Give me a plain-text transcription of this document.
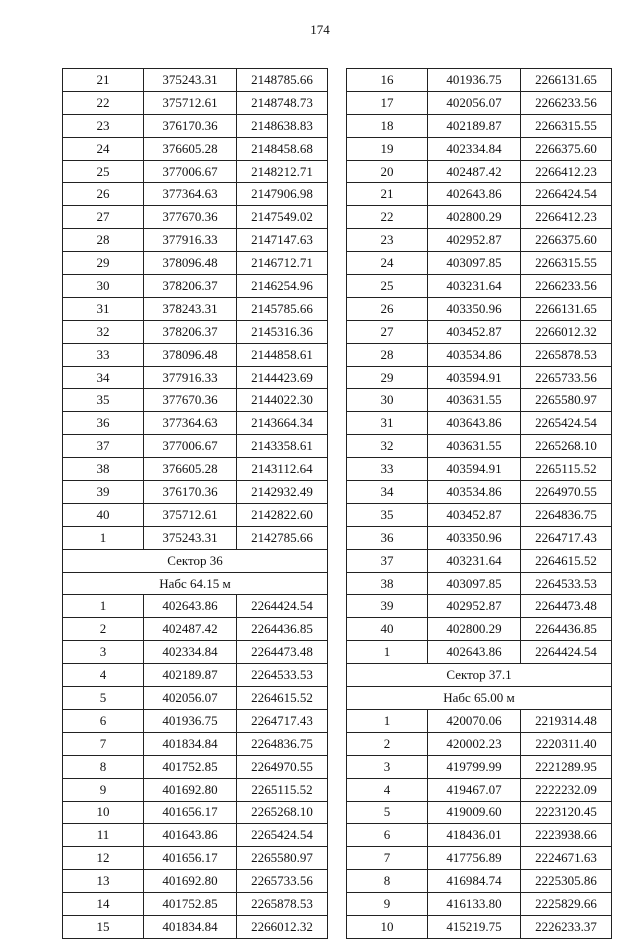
174
21	375243.31	2148785.66
22	375712.61	2148748.73
23	376170.36	2148638.83
24	376605.28	2148458.68
25	377006.67	2148212.71
26	377364.63	2147906.98
27	377670.36	2147549.02
28	377916.33	2147147.63
29	378096.48	2146712.71
30	378206.37	2146254.96
31	378243.31	2145785.66
32	378206.37	2145316.36
33	378096.48	2144858.61
34	377916.33	2144423.69
35	377670.36	2144022.30
36	377364.63	2143664.34
37	377006.67	2143358.61
38	376605.28	2143112.64
39	376170.36	2142932.49
40	375712.61	2142822.60
1	375243.31	2142785.66
Сектор 36		
Набс 64.15 м		
1	402643.86	2264424.54
2	402487.42	2264436.85
3	402334.84	2264473.48
4	402189.87	2264533.53
5	402056.07	2264615.52
6	401936.75	2264717.43
7	401834.84	2264836.75
8	401752.85	2264970.55
9	401692.80	2265115.52
10	401656.17	2265268.10
11	401643.86	2265424.54
12	401656.17	2265580.97
13	401692.80	2265733.56
14	401752.85	2265878.53
15	401834.84	2266012.32
16	401936.75	2266131.65
17	402056.07	2266233.56
18	402189.87	2266315.55
19	402334.84	2266375.60
20	402487.42	2266412.23
21	402643.86	2266424.54
22	402800.29	2266412.23
23	402952.87	2266375.60
24	403097.85	2266315.55
25	403231.64	2266233.56
26	403350.96	2266131.65
27	403452.87	2266012.32
28	403534.86	2265878.53
29	403594.91	2265733.56
30	403631.55	2265580.97
31	403643.86	2265424.54
32	403631.55	2265268.10
33	403594.91	2265115.52
34	403534.86	2264970.55
35	403452.87	2264836.75
36	403350.96	2264717.43
37	403231.64	2264615.52
38	403097.85	2264533.53
39	402952.87	2264473.48
40	402800.29	2264436.85
1	402643.86	2264424.54
Сектор 37.1		
Набс 65.00 м		
1	420070.06	2219314.48
2	420002.23	2220311.40
3	419799.99	2221289.95
4	419467.07	2222232.09
5	419009.60	2223120.45
6	418436.01	2223938.66
7	417756.89	2224671.63
8	416984.74	2225305.86
9	416133.80	2225829.66
10	415219.75	2226233.37
